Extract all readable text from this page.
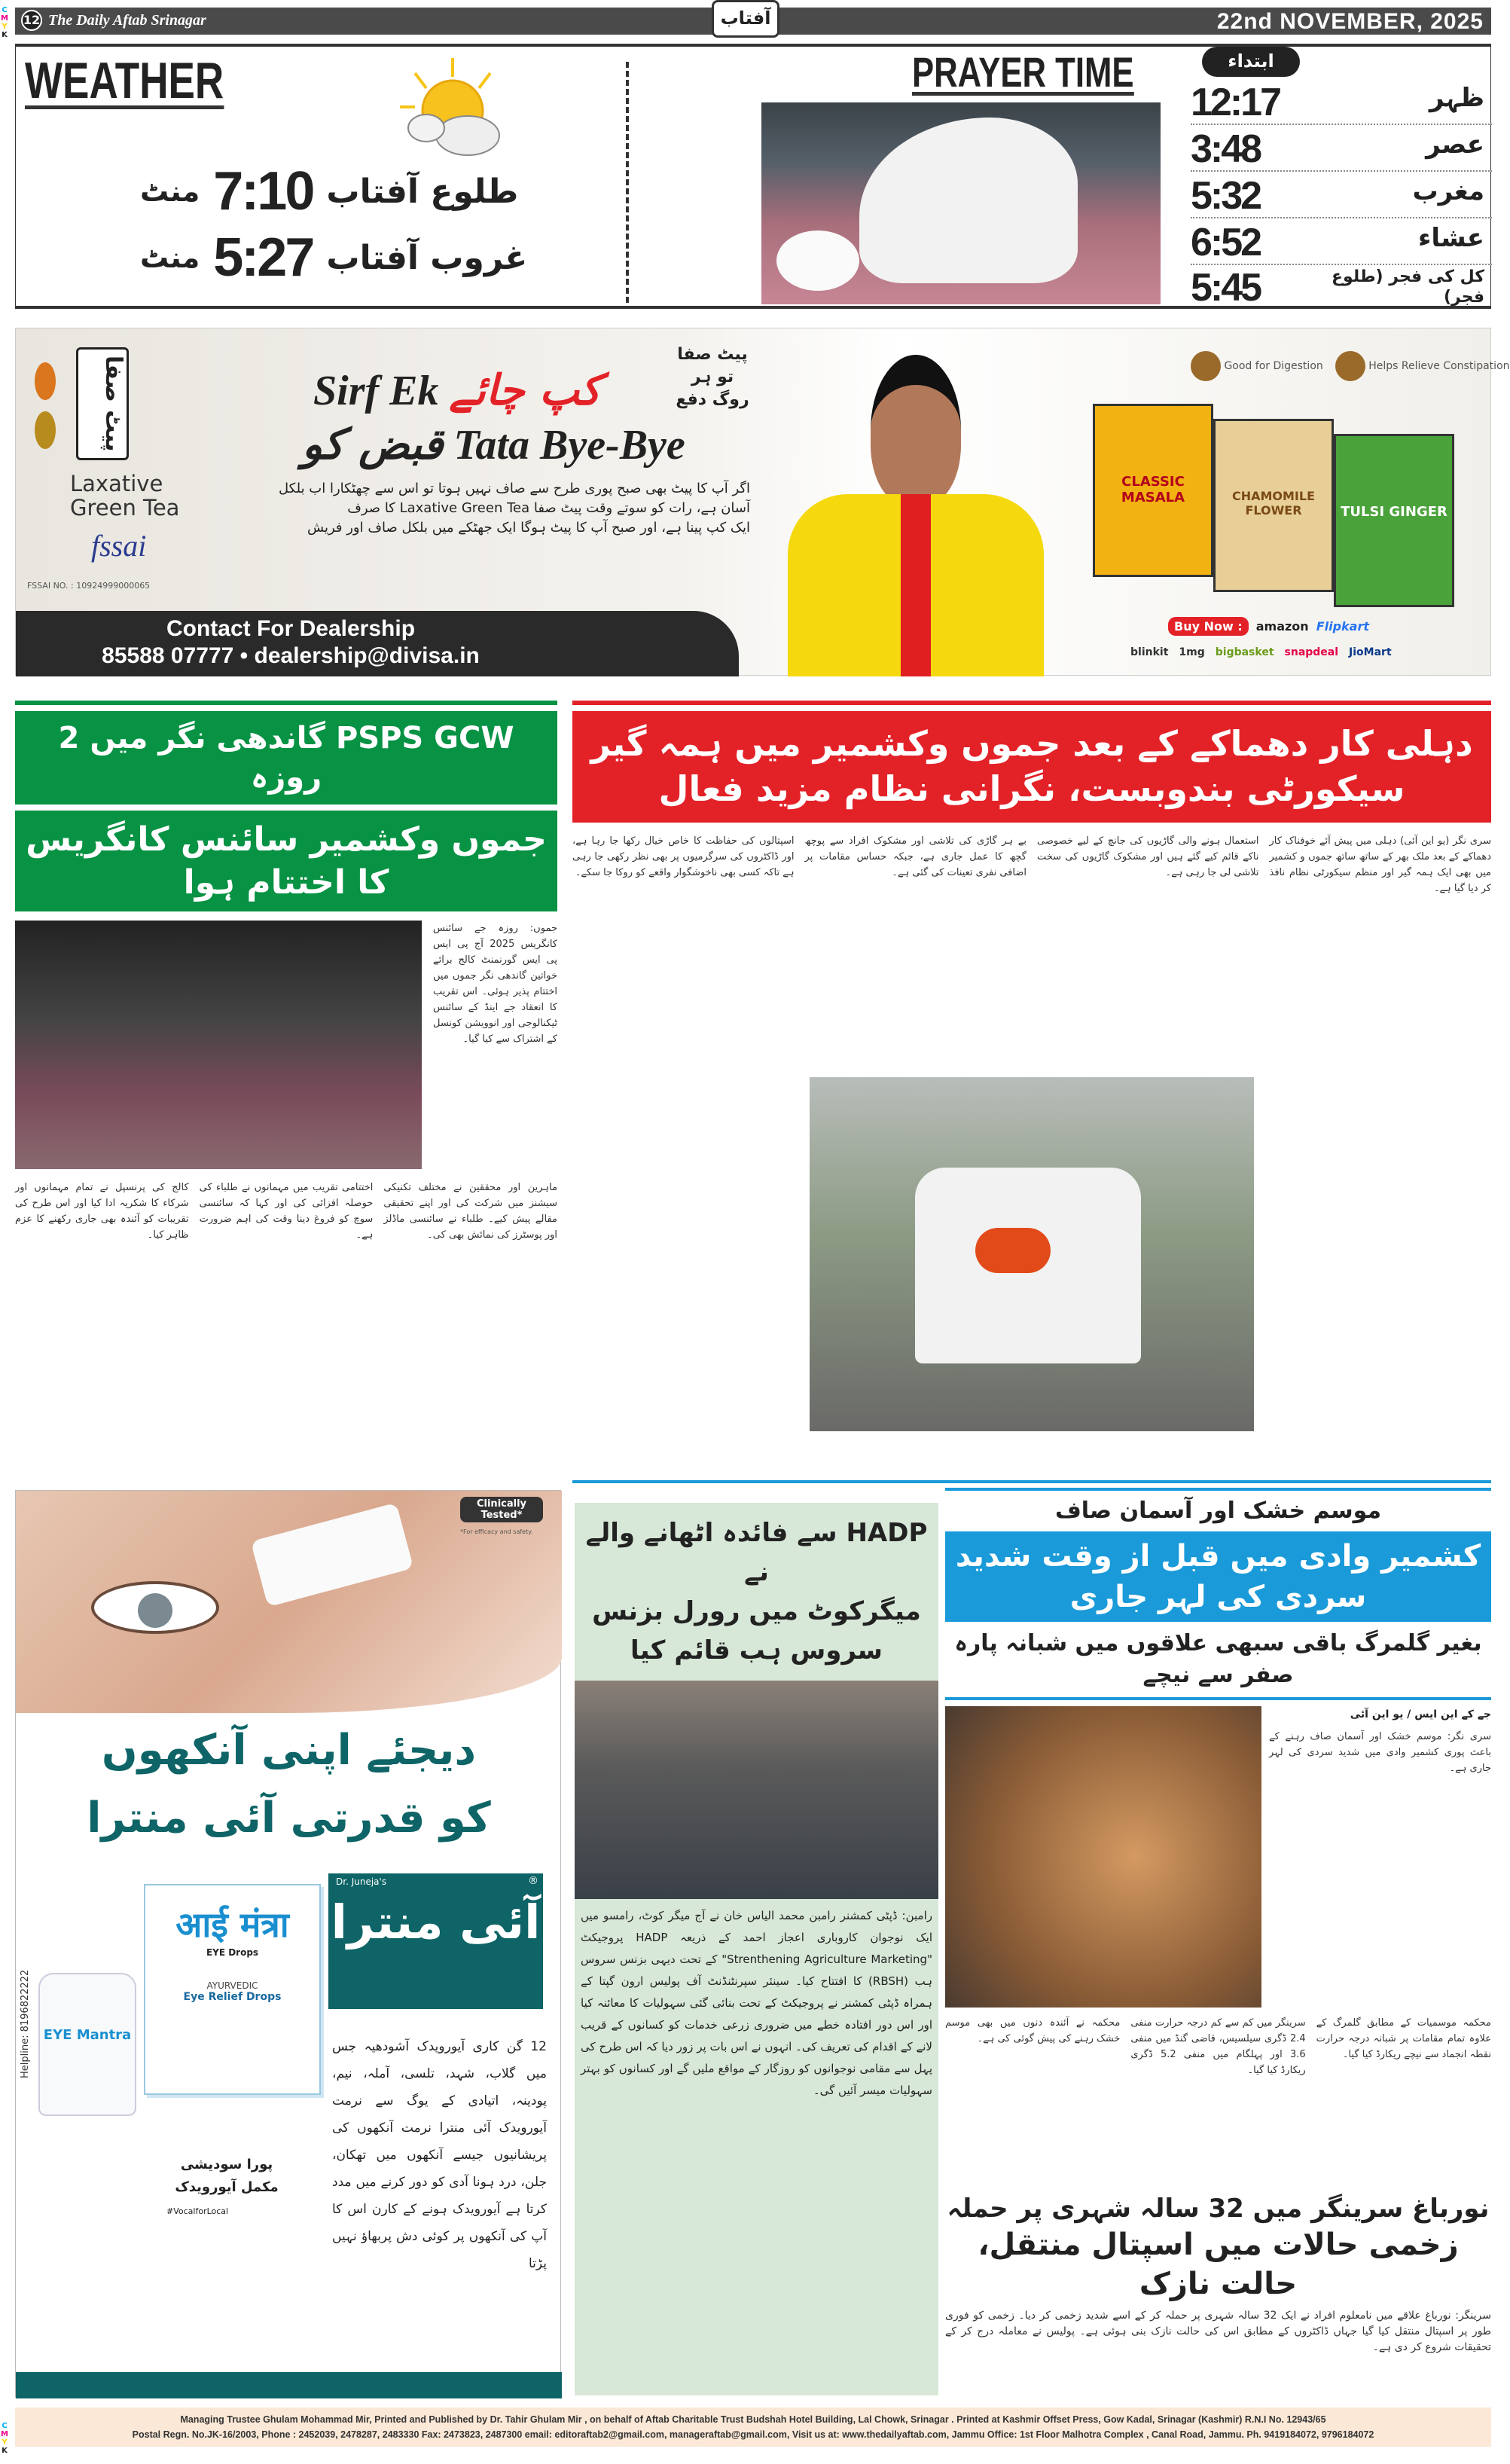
C
M
Y
K
C
M
Y
K
12 The Daily Aftab Srinagar	22nd NOVEMBER, 2025
آفتاب
WEATHER
منٹ 7:10 طلوع آفتاب
منٹ 5:27 غروب آفتاب
PRAYER TIME	ابتداء
12:17	ظہر
3:48	عصر
5:32	مغرب
6:52	عشاء
5:45	کل کی فجر (طلوع فجر)
پیٹ صفا
Laxative
Green Tea
fssai
FSSAI NO. : 10924999000065
Sirf Ek کپ چائے
قبض کو Tata Bye-Bye
اگر آپ کا پیٹ بھی صبح پوری طرح سے صاف نہیں ہوتا تو اس سے چھٹکارا اب بلکل
آسان ہے، رات کو سوتے وقت پیٹ صفا Laxative Green Tea کا صرف
ایک کپ پینا ہے، اور صبح آپ کا پیٹ ہوگا ایک جھٹکے میں بلکل صاف اور فریش
پیٹ صفا تو ہر روگ دفع
Contact For Dealership
85588 07777 • dealership@divisa.in
Good for Digestion	Helps Relieve Constipation
CLASSIC MASALA	CHAMOMILE FLOWER	TULSI GINGER
Buy Now :	amazon Flipkart
blinkit 1mg bigbasket snapdeal JioMart
PSPS GCW گاندھی نگر میں 2 روزہ
جموں وکشمیر سائنس کانگریس کا اختتام ہوا
جموں: روزہ جے سائنس کانگریس 2025 آج پی ایس پی ایس گورنمنٹ کالج برائے خواتین گاندھی نگر جموں میں اختتام پذیر ہوئی۔ اس تقریب کا انعقاد جے اینڈ کے سائنس ٹیکنالوجی اور انوویشن کونسل کے اشتراک سے کیا گیا۔
ماہرین اور محققین نے مختلف تکنیکی سیشنز میں شرکت کی اور اپنے تحقیقی مقالے پیش کیے۔ طلباء نے سائنسی ماڈلز اور پوسٹرز کی نمائش بھی کی۔
اختتامی تقریب میں مہمانوں نے طلباء کی حوصلہ افزائی کی اور کہا کہ سائنسی سوچ کو فروغ دینا وقت کی اہم ضرورت ہے۔
کالج کی پرنسپل نے تمام مہمانوں اور شرکاء کا شکریہ ادا کیا اور اس طرح کی تقریبات کو آئندہ بھی جاری رکھنے کا عزم ظاہر کیا۔
دہلی کار دھماکے کے بعد جموں وکشمیر میں ہمہ گیر سیکورٹی بندوبست، نگرانی نظام مزید فعال
سری نگر (یو این آئی) دہلی میں پیش آئے خوفناک کار دھماکے کے بعد ملک بھر کے ساتھ ساتھ جموں و کشمیر میں بھی ایک ہمہ گیر اور منظم سیکورٹی نظام نافذ کر دیا گیا ہے۔
استعمال ہونے والی گاڑیوں کی جانچ کے لیے خصوصی ناکے قائم کیے گئے ہیں اور مشکوک گاڑیوں کی سخت تلاشی لی جا رہی ہے۔
بے ہر گاڑی کی تلاشی اور مشکوک افراد سے پوچھ گچھ کا عمل جاری ہے، جبکہ حساس مقامات پر اضافی نفری تعینات کی گئی ہے۔
اسپتالوں کی حفاظت کا خاص خیال رکھا جا رہا ہے، اور ڈاکٹروں کی سرگرمیوں پر بھی نظر رکھی جا رہی ہے تاکہ کسی بھی ناخوشگوار واقعے کو روکا جا سکے۔
Clinically Tested*
*For efficacy and safety.
دیجئے اپنی آنکھوں
کو قدرتی آئی منترا
Dr. Juneja's	®
آئی منترا
Helpline: 8196822222
आई मंत्रा
EYE Drops
AYURVEDIC
Eye Relief Drops
EYE Mantra
12 گن کاری آیورویدک آشودھیہ جس میں گلاب، شہد، تلسی، آملہ، نیم، پودینہ، اتیادی کے یوگ سے نرمت آیورویدک آئی منترا نرمت آنکھوں کی پریشانیوں جیسے آنکھوں میں تھکان، جلن، درد ہونا آدی کو دور کرنے میں مدد کرتا ہے آیورویدک ہونے کے کارن اس کا آپ کی آنکھوں پر کوئی دش پربھاؤ نہیں پڑتا
پورا سودیشی
مکمل آیورویدک
#VocalforLocal
HADP سے فائدہ اٹھانے والے نے
میگرکوٹ میں رورل بزنس سروس ہب قائم کیا
رامبن: ڈپٹی کمشنر رامبن محمد الیاس خان نے آج میگر کوٹ، رامسو میں ایک نوجوان کاروباری اعجاز احمد کے ذریعہ HADP پروجیکٹ "Strenthening Agriculture Marketing" کے تحت دیہی بزنس سروس ہب (RBSH) کا افتتاح کیا۔ سینئر سپرنٹنڈنٹ آف پولیس ارون گپتا کے ہمراہ ڈپٹی کمشنر نے پروجیکٹ کے تحت بنائی گئی سہولیات کا معائنہ کیا اور اس دور افتادہ خطے میں ضروری زرعی خدمات کو کسانوں کے قریب لانے کے اقدام کی تعریف کی۔ انہوں نے اس بات پر زور دیا کہ اس طرح کی پہل سے مقامی نوجوانوں کو روزگار کے مواقع ملیں گے اور کسانوں کو بہتر سہولیات میسر آئیں گی۔
موسم خشک اور آسمان صاف
کشمیر وادی میں قبل از وقت شدید سردی کی لہر جاری
بغیر گلمرگ باقی سبھی علاقوں میں شبانہ پارہ صفر سے نیچے
جے کے این ایس / یو این آئی
سری نگر: موسم خشک اور آسمان صاف رہنے کے باعث پوری کشمیر وادی میں شدید سردی کی لہر جاری ہے۔
محکمہ موسمیات کے مطابق گلمرگ کے علاوہ تمام مقامات پر شبانہ درجہ حرارت نقطہ انجماد سے نیچے ریکارڈ کیا گیا۔
سرینگر میں کم سے کم درجہ حرارت منفی 2.4 ڈگری سیلسیس، قاضی گنڈ میں منفی 3.6 اور پہلگام میں منفی 5.2 ڈگری ریکارڈ کیا گیا۔
محکمہ نے آئندہ دنوں میں بھی موسم خشک رہنے کی پیش گوئی کی ہے۔
نورباغ سرینگر میں 32 سالہ شہری پر حملہ
زخمی حالات میں اسپتال منتقل، حالت نازک
سرینگر: نورباغ علاقے میں نامعلوم افراد نے ایک 32 سالہ شہری پر حملہ کر کے اسے شدید زخمی کر دیا۔ زخمی کو فوری طور پر اسپتال منتقل کیا گیا جہاں ڈاکٹروں کے مطابق اس کی حالت نازک بنی ہوئی ہے۔ پولیس نے معاملہ درج کر کے تحقیقات شروع کر دی ہے۔
Managing Trustee Ghulam Mohammad Mir, Printed and Published by Dr. Tahir Ghulam Mir , on behalf of Aftab Charitable Trust Budshah Hotel Building, Lal Chowk, Srinagar . Printed at Kashmir Offset Press, Gow Kadal, Srinagar (Kashmir) R.N.I No. 12943/65
Postal Regn. No.JK-16/2003, Phone : 2452039, 2478287, 2483330 Fax: 2473823, 2487300 email: editoraftab2@gmail.com, manageraftab@gmail.com, Visit us at: www.thedailyaftab.com, Jammu Office: 1st Floor Malhotra Complex , Canal Road, Jammu. Ph. 9419184072, 9796184072
